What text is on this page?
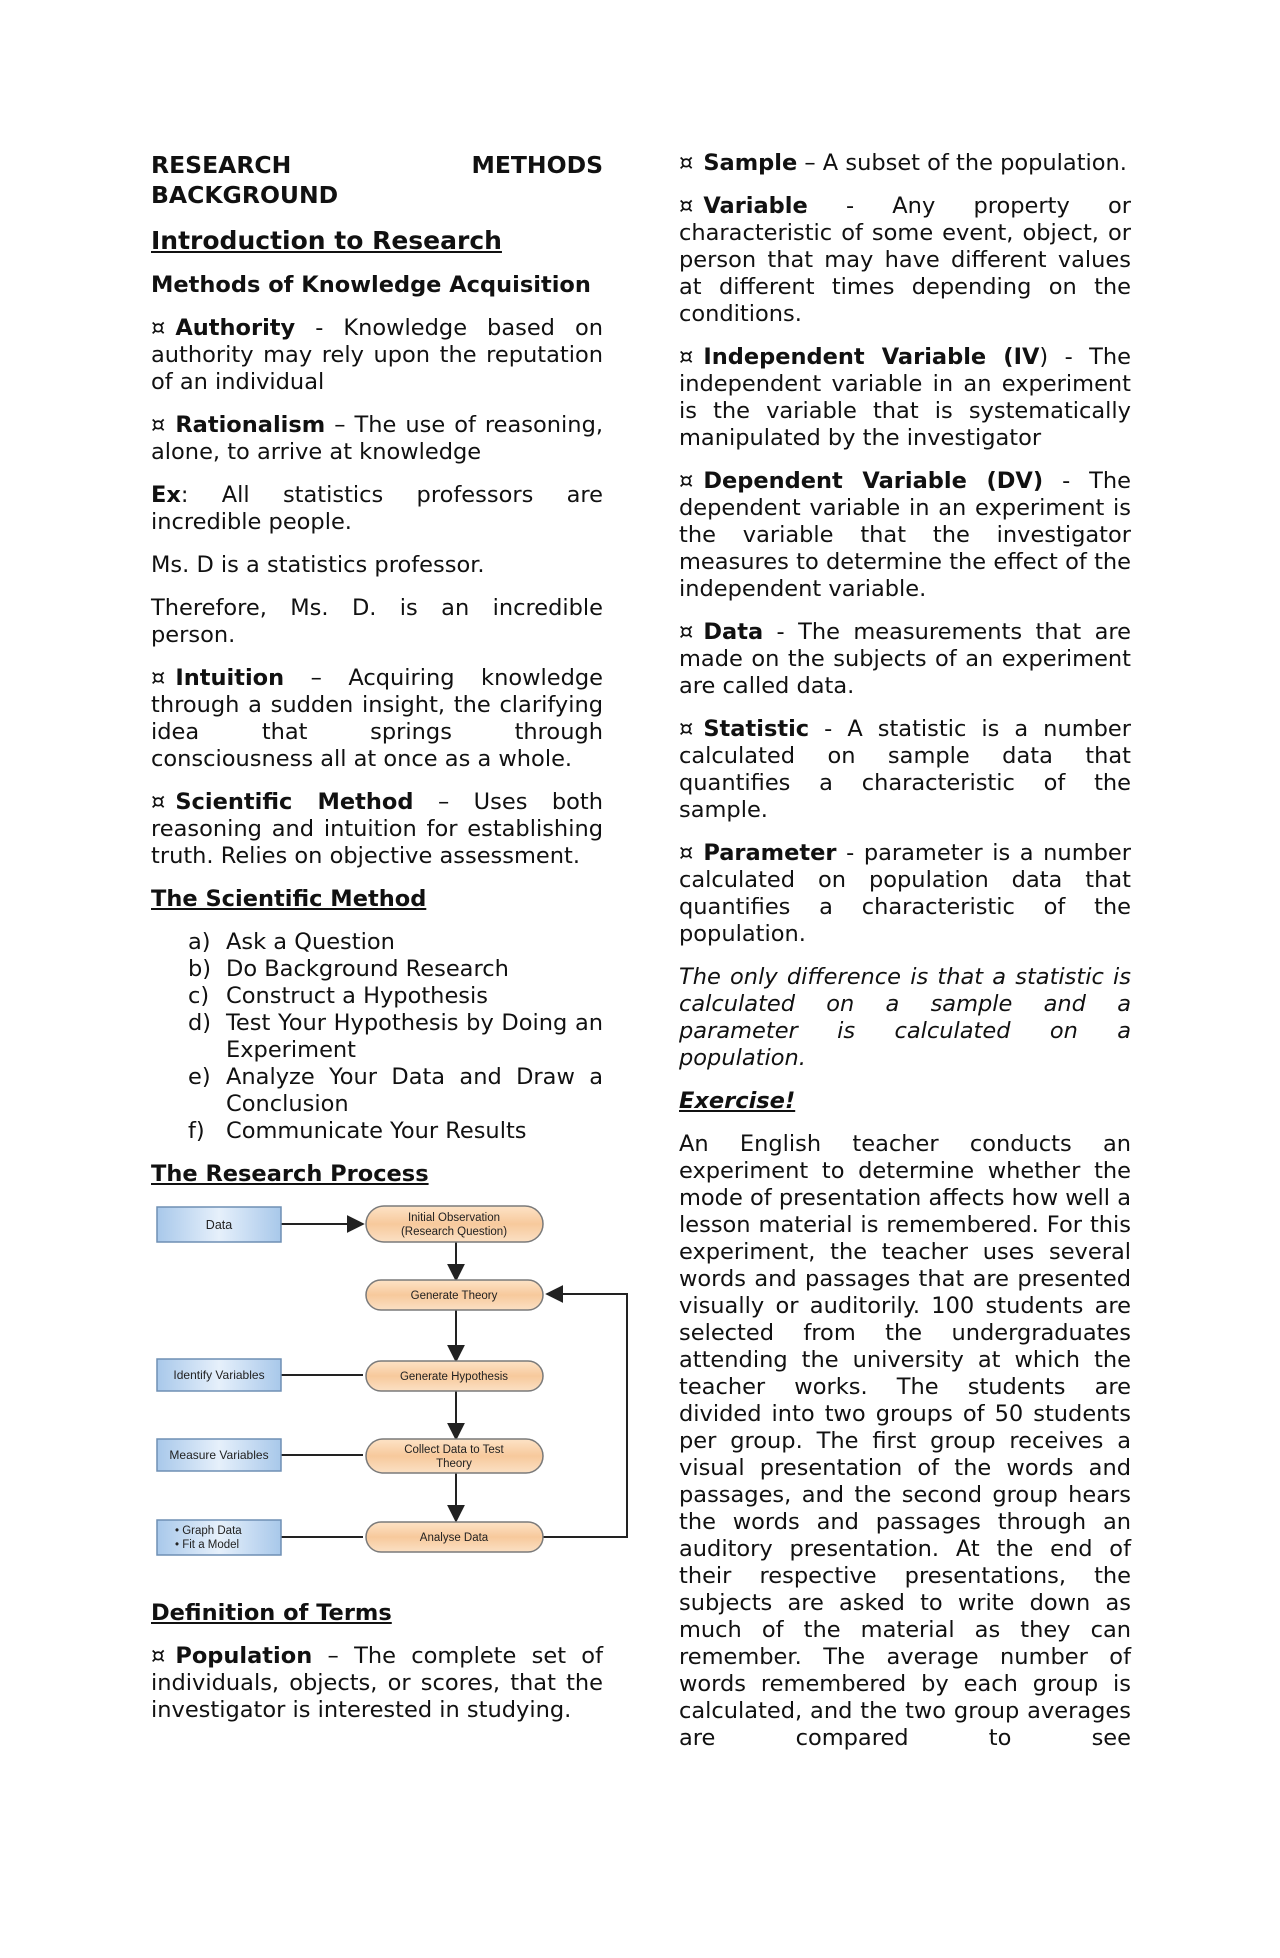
RESEARCH	METHODS
BACKGROUND
Introduction to Research
Methods of Knowledge Acquisition

¤ Authority - Knowledge based on authority may rely upon the reputation of an individual

¤ Rationalism – The use of reasoning, alone, to arrive at knowledge

Ex: All statistics professors are incredible people.

Ms. D is a statistics professor.

Therefore, Ms. D. is an incredible person.

¤ Intuition – Acquiring knowledge through a sudden insight, the clarifying idea that springs through consciousness all at once as a whole.

¤ Scientific Method – Uses both reasoning and intuition for establishing truth. Relies on objective assessment.

The Scientific Method
a) Ask a Question
b) Do Background Research
c) Construct a Hypothesis
d) Test Your Hypothesis by Doing an Experiment
e) Analyze Your Data and Draw a Conclusion
f) Communicate Your Results
The Research Process
Data
Identify Variables
Measure Variables
• Graph Data
• Fit a Model
Initial Observation
(Research Question)
Generate Theory
Generate Hypothesis
Collect Data to Test
Theory
Analyse Data
Definition of Terms

¤ Population – The complete set of individuals, objects, or scores, that the investigator is interested in studying.

¤ Sample – A subset of the population.

¤ Variable - Any property or characteristic of some event, object, or person that may have different values at different times depending on the conditions.

¤ Independent Variable (IV) - The independent variable in an experiment is the variable that is systematically manipulated by the investigator

¤ Dependent Variable (DV) - The dependent variable in an experiment is the variable that the investigator measures to determine the effect of the independent variable.

¤ Data - The measurements that are made on the subjects of an experiment are called data.

¤ Statistic - A statistic is a number calculated on sample data that quantifies a characteristic of the sample.

¤ Parameter - parameter is a number calculated on population data that quantifies a characteristic of the population.

The only difference is that a statistic is calculated on a sample and a parameter is calculated on a population.

Exercise!

An English teacher conducts an experiment to determine whether the mode of presentation affects how well a lesson material is remembered. For this experiment, the teacher uses several words and passages that are presented visually or auditorily. 100 students are selected from the undergraduates attending the university at which the teacher works. The students are divided into two groups of 50 students per group. The first group receives a visual presentation of the words and passages, and the second group hears the words and passages through an auditory presentation. At the end of their respective presentations, the subjects are asked to write down as much of the material as they can remember. The average number of words remembered by each group is calculated, and the two group averages are compared to see
